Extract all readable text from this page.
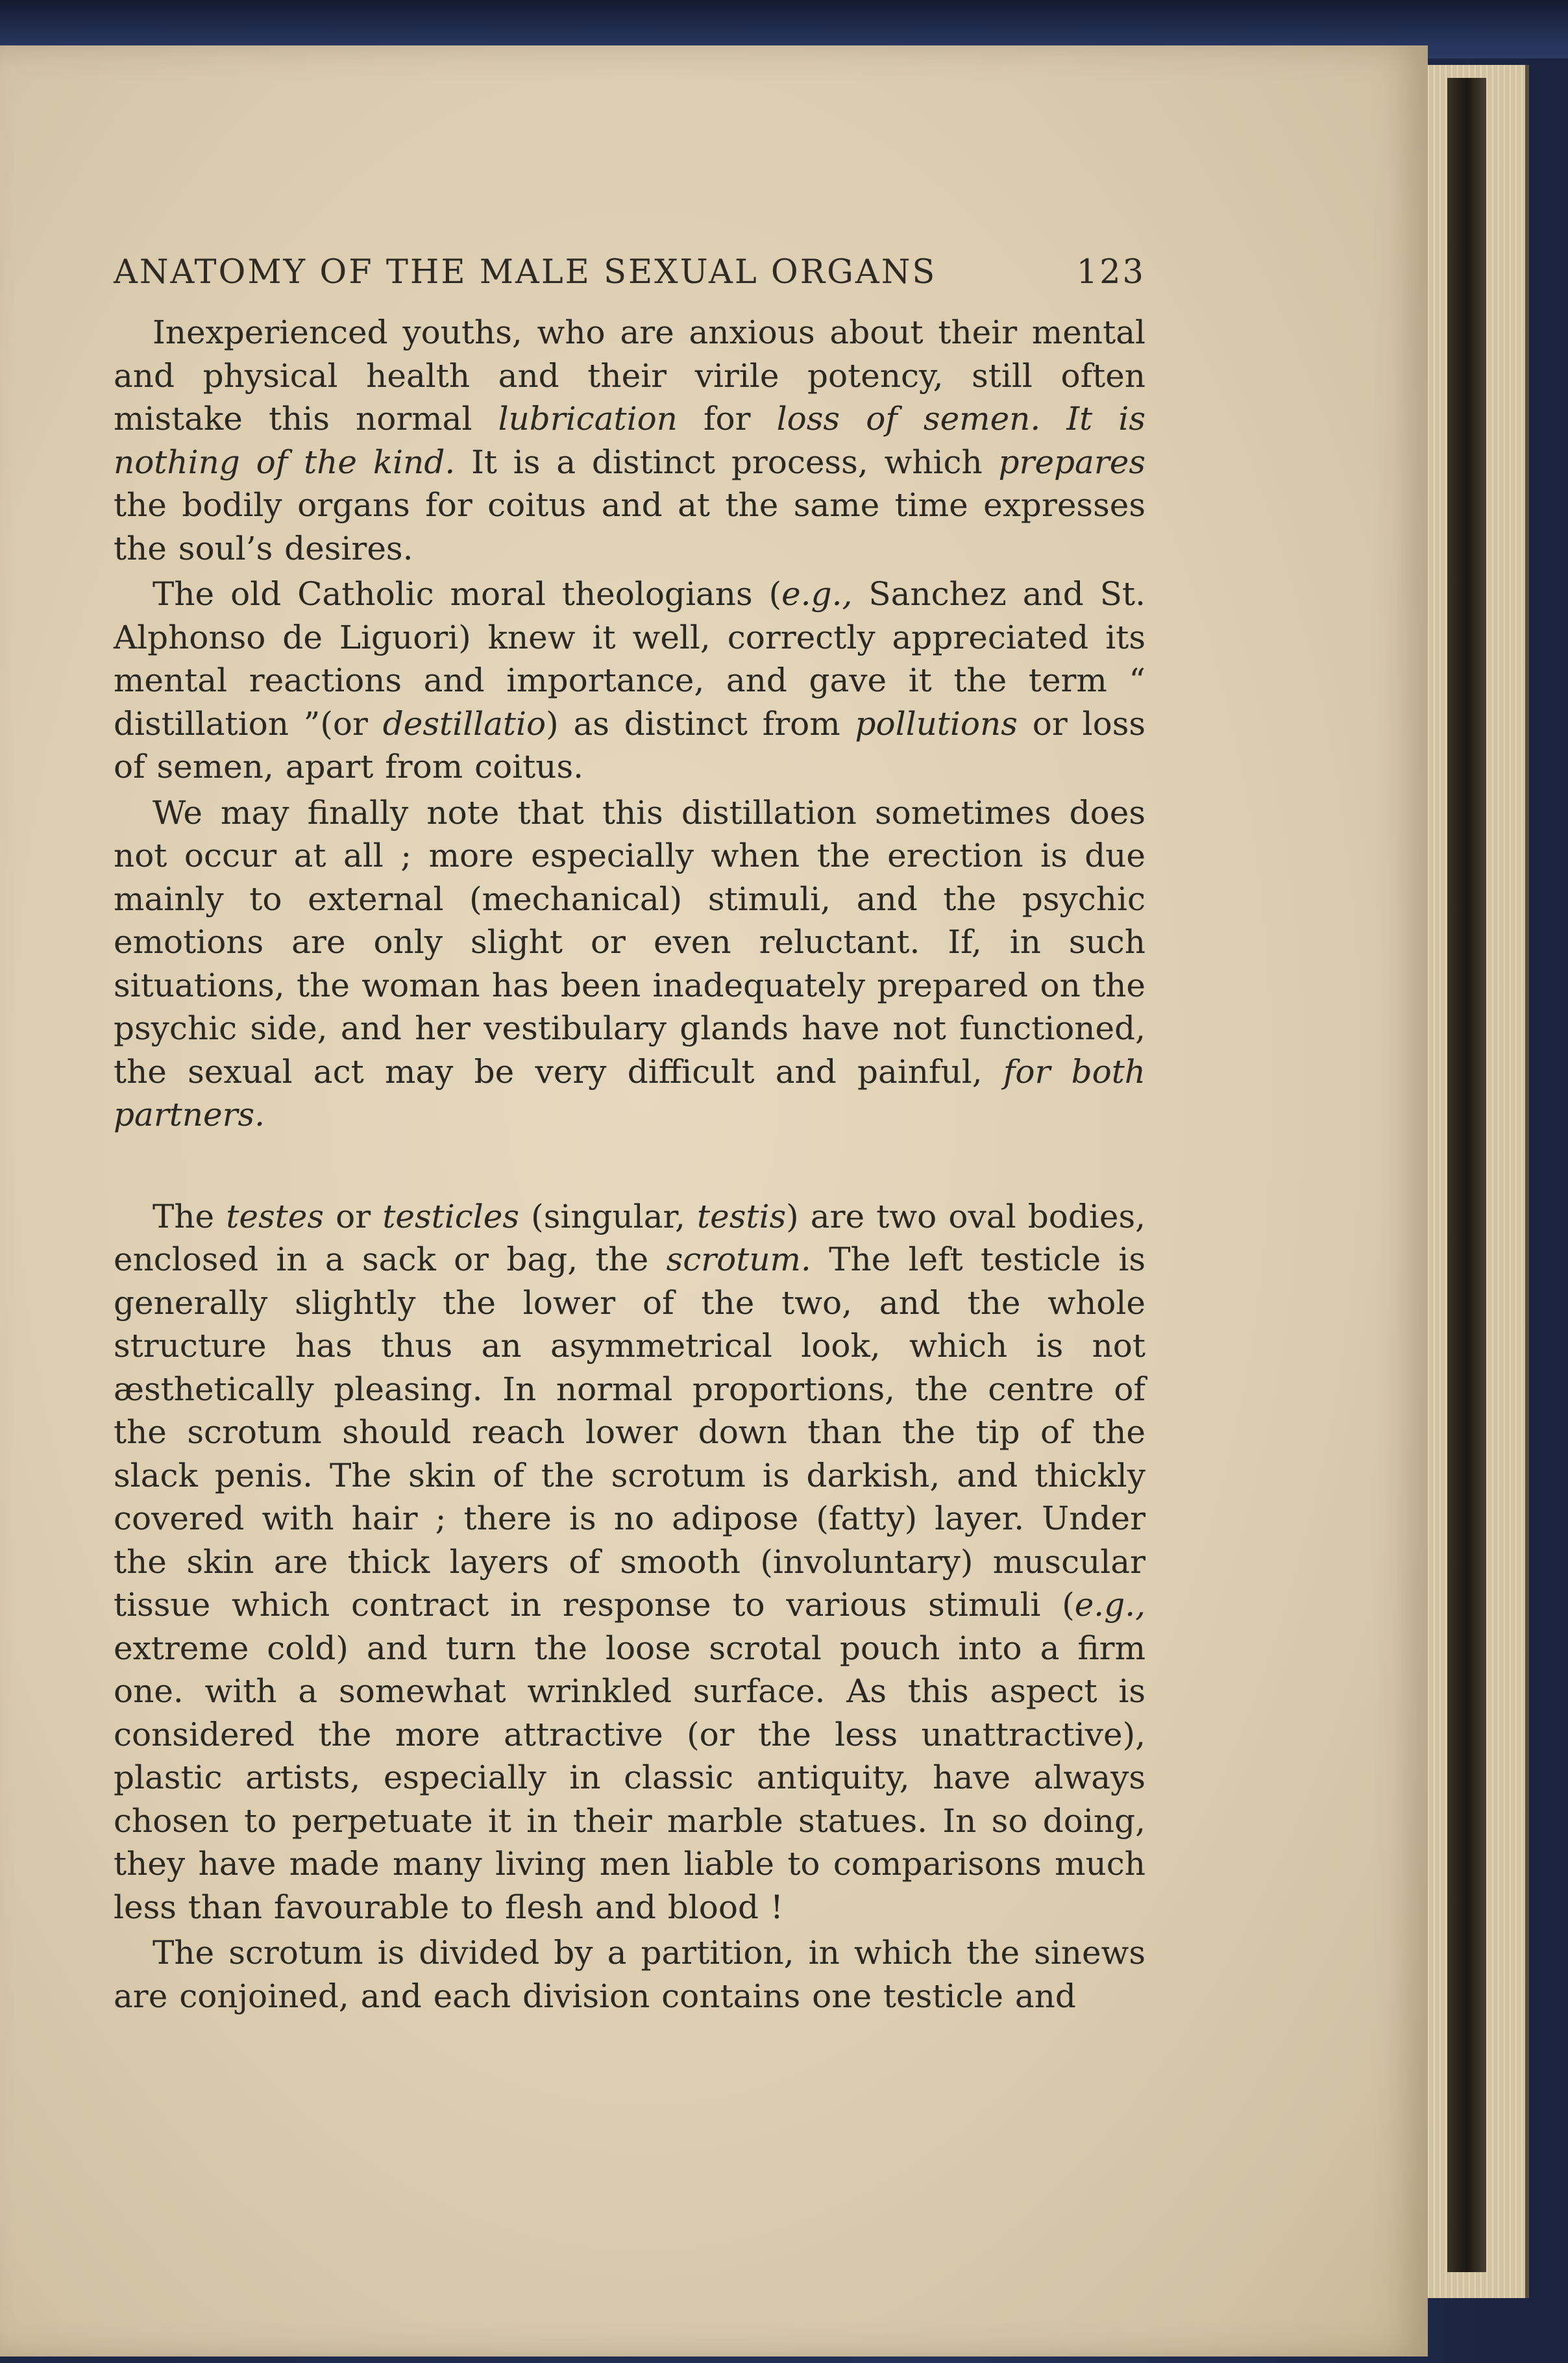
ANATOMY OF THE MALE SEXUAL ORGANS	123

Inexperienced youths, who are anxious about their mental and physical health and their virile potency, still often mistake this normal lubrication for loss of semen. It is nothing of the kind. It is a distinct process, which prepares the bodily organs for coitus and at the same time expresses the soul’s desires.

The old Catholic moral theologians (e.g., Sanchez and St. Alphonso de Liguori) knew it well, correctly appreciated its mental reactions and importance, and gave it the term “ distillation ”(or destillatio) as distinct from pollutions or loss of semen, apart from coitus.

We may finally note that this distillation sometimes does not occur at all ; more especially when the erection is due mainly to external (mechanical) stimuli, and the psychic emotions are only slight or even reluctant. If, in such situations, the woman has been inadequately prepared on the psychic side, and her vestibulary glands have not functioned, the sexual act may be very difficult and painful, for both partners.

The testes or testicles (singular, testis) are two oval bodies, enclosed in a sack or bag, the scrotum. The left testicle is generally slightly the lower of the two, and the whole structure has thus an asymmetrical look, which is not æsthetically pleasing. In normal proportions, the centre of the scrotum should reach lower down than the tip of the slack penis. The skin of the scrotum is darkish, and thickly covered with hair ; there is no adipose (fatty) layer. Under the skin are thick layers of smooth (involuntary) muscular tissue which contract in response to various stimuli (e.g., extreme cold) and turn the loose scrotal pouch into a firm one. with a somewhat wrinkled surface. As this aspect is considered the more attractive (or the less unattractive), plastic artists, especially in classic antiquity, have always chosen to perpetuate it in their marble statues. In so doing, they have made many living men liable to comparisons much less than favourable to flesh and blood !

The scrotum is divided by a partition, in which the sinews are conjoined, and each division contains one testicle and
